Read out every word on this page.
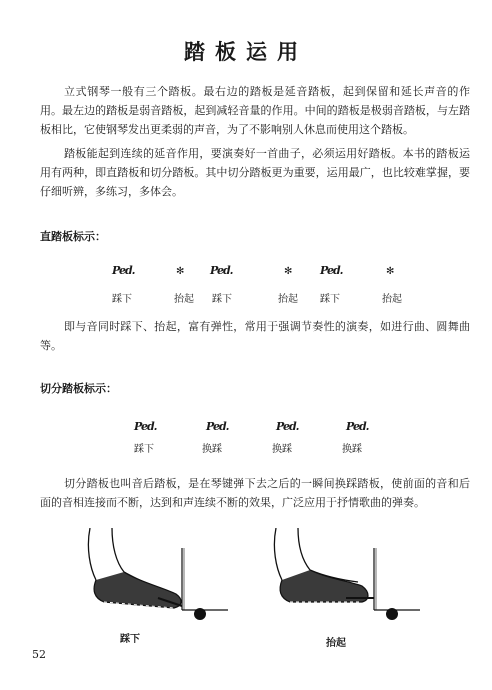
踏板运用

立式钢琴一般有三个踏板。最右边的踏板是延音踏板，起到保留和延长声音的作用。最左边的踏板是弱音踏板，起到减轻音量的作用。中间的踏板是极弱音踏板，与左踏板相比，它使钢琴发出更柔弱的声音，为了不影响别人休息而使用这个踏板。

踏板能起到连续的延音作用，要演奏好一首曲子，必须运用好踏板。本书的踏板运用有两种，即直踏板和切分踏板。其中切分踏板更为重要，运用最广，也比较难掌握，要仔细听辨，多练习，多体会。

直踏板标示：
Ped.	✻ Ped.	✻	Ped.	✻
踩下	抬起 踩下	抬起 踩下	抬起

即与音同时踩下、抬起，富有弹性，常用于强调节奏性的演奏，如进行曲、圆舞曲等。

切分踏板标示：
Ped.	Ped.	Ped.	Ped.
踩下	换踩	换踩	换踩

切分踏板也叫音后踏板，是在琴键弹下去之后的一瞬间换踩踏板，使前面的音和后面的音相连接而不断，达到和声连续不断的效果，广泛应用于抒情歌曲的弹奏。

踩下	抬起
52
